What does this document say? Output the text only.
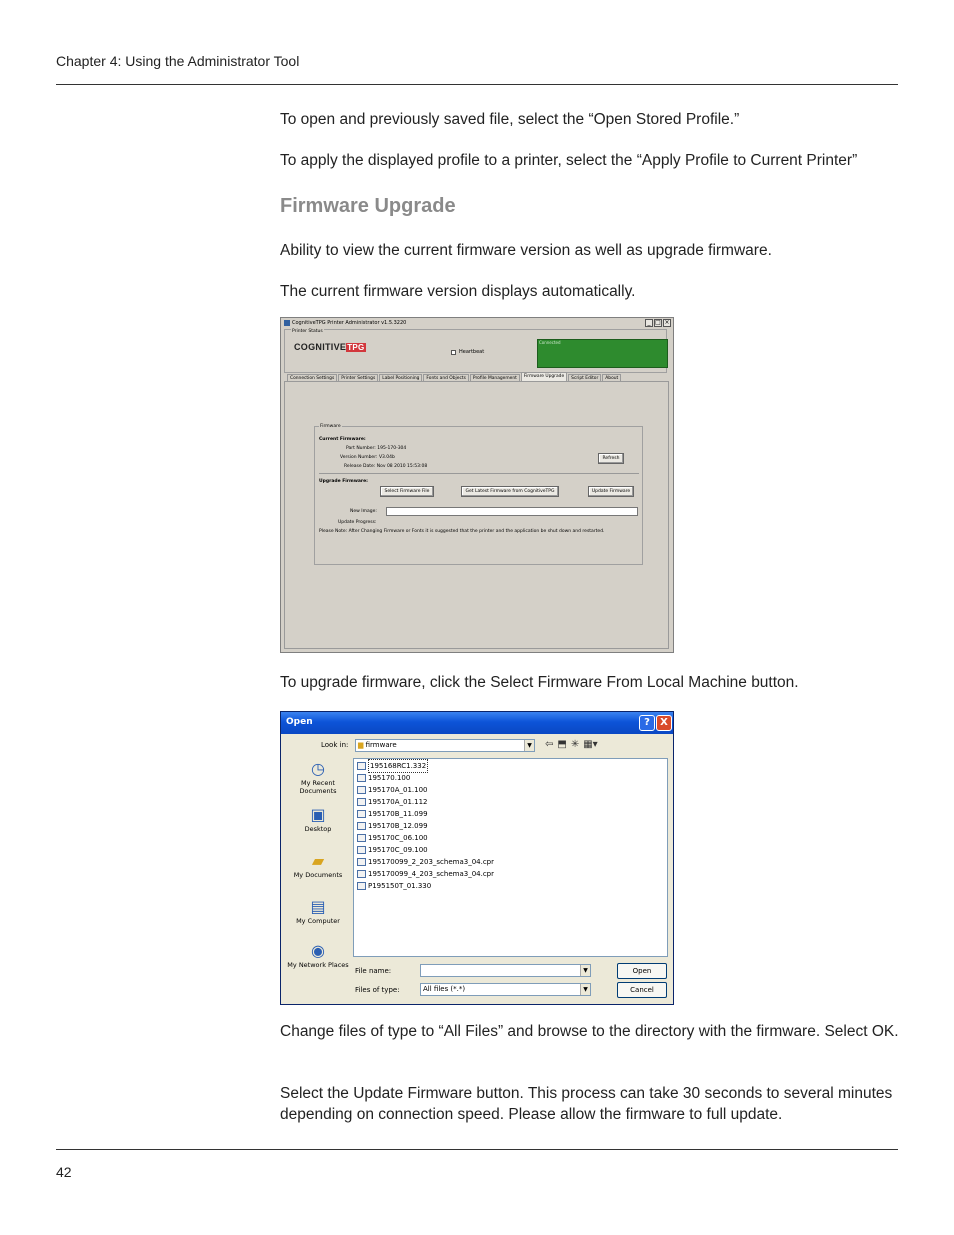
Chapter 4: Using the Administrator Tool
To open and previously saved file, select the “Open Stored Profile.”
To apply the displayed profile to a printer, select the “Apply Profile to Current Printer”
Firmware Upgrade
Ability to view the current firmware version as well as upgrade firmware.
The current firmware version displays automatically.
CognitiveTPG Printer Administrator v1.5.3220	_ □ ×
Printer Status
COGNITIVETPG	Heartbeat
Connected
Connection Settings	Printer Settings	Label Positioning	Fonts and Objects	Profile Management	Firmware Upgrade	Script Editor	About
Firmware
Current Firmware:
Part Number: 195-170-304
Version Number: V3.04b
Release Date: Nov 08 2010 15:53:08
Refresh
Upgrade Firmware:
Select Firmware File	Get Latest Firmware from CognitiveTPG	Update Firmware
New Image:
Update Progress:
Please Note: After Changing Firmware or Fonts it is suggested that the printer and the application be shut down and restarted.
To upgrade firmware, click the Select Firmware From Local Machine button.
Open	?	X
Look in:	▆ firmware	▼ ⇦ ⬒ ✳ ▦▾
◷
My Recent Documents
▣
Desktop
▰
My Documents
▤
My Computer
◉
My Network Places
195168RC1.332
195170.100
195170A_01.100
195170A_01.112
195170B_11.099
195170B_12.099
195170C_06.100
195170C_09.100
195170099_2_203_schema3_04.cpr
195170099_4_203_schema3_04.cpr
P195150T_01.330
File name:	▼
Files of type:	All files (*.*)	▼
Open
Cancel
Change files of type to “All Files” and browse to the directory with the firmware. Select OK.
Select the Update Firmware button. This process can take 30 seconds to several minutes depending on connection speed. Please allow the firmware to full update.
42
